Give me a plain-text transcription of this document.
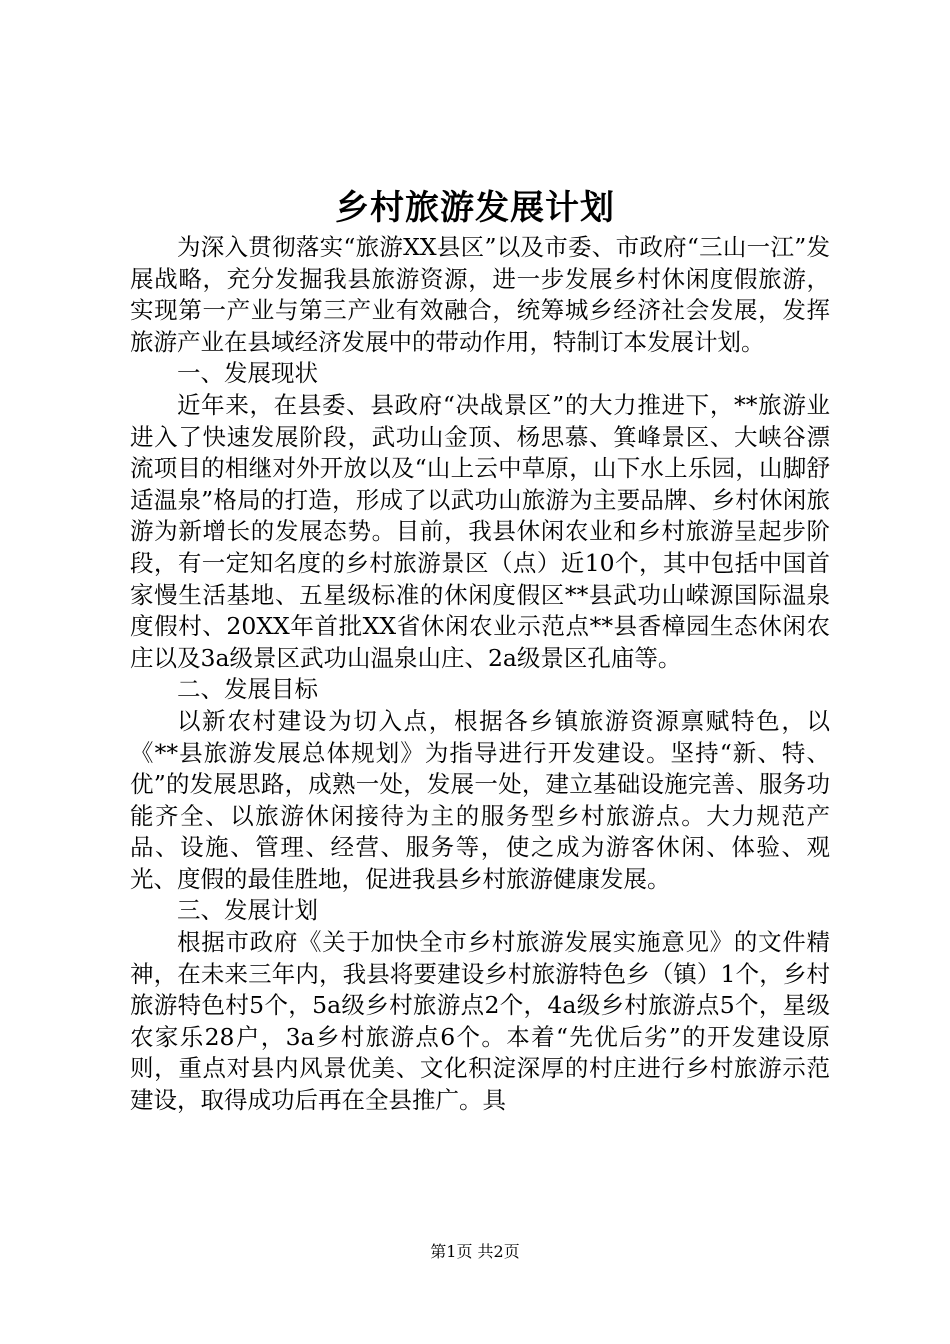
乡村旅游发展计划

为深入贯彻落实“旅游XX县区”以及市委、市政府“三山一江”发展战略，充分发掘我县旅游资源，进一步发展乡村休闲度假旅游，实现第一产业与第三产业有效融合，统筹城乡经济社会发展，发挥旅游产业在县域经济发展中的带动作用，特制订本发展计划。

一、发展现状

近年来，在县委、县政府“决战景区”的大力推进下，**旅游业进入了快速发展阶段，武功山金顶、杨思慕、箕峰景区、大峡谷漂流项目的相继对外开放以及“山上云中草原，山下水上乐园，山脚舒适温泉”格局的打造，形成了以武功山旅游为主要品牌、乡村休闲旅游为新增长的发展态势。目前，我县休闲农业和乡村旅游呈起步阶段，有一定知名度的乡村旅游景区（点）近10个，其中包括中国首家慢生活基地、五星级标准的休闲度假区**县武功山嵘源国际温泉度假村、20XX年首批XX省休闲农业示范点**县香樟园生态休闲农庄以及3a级景区武功山温泉山庄、2a级景区孔庙等。

二、发展目标

以新农村建设为切入点，根据各乡镇旅游资源禀赋特色，以《**县旅游发展总体规划》为指导进行开发建设。坚持“新、特、优”的发展思路，成熟一处，发展一处，建立基础设施完善、服务功能齐全、以旅游休闲接待为主的服务型乡村旅游点。大力规范产品、设施、管理、经营、服务等，使之成为游客休闲、体验、观光、度假的最佳胜地，促进我县乡村旅游健康发展。

三、发展计划

根据市政府《关于加快全市乡村旅游发展实施意见》的文件精神，在未来三年内，我县将要建设乡村旅游特色乡（镇）1个，乡村旅游特色村5个，5a级乡村旅游点2个，4a级乡村旅游点5个，星级农家乐28户，3a乡村旅游点6个。本着“先优后劣”的开发建设原则，重点对县内风景优美、文化积淀深厚的村庄进行乡村旅游示范建设，取得成功后再在全县推广。具

第1页 共2页
